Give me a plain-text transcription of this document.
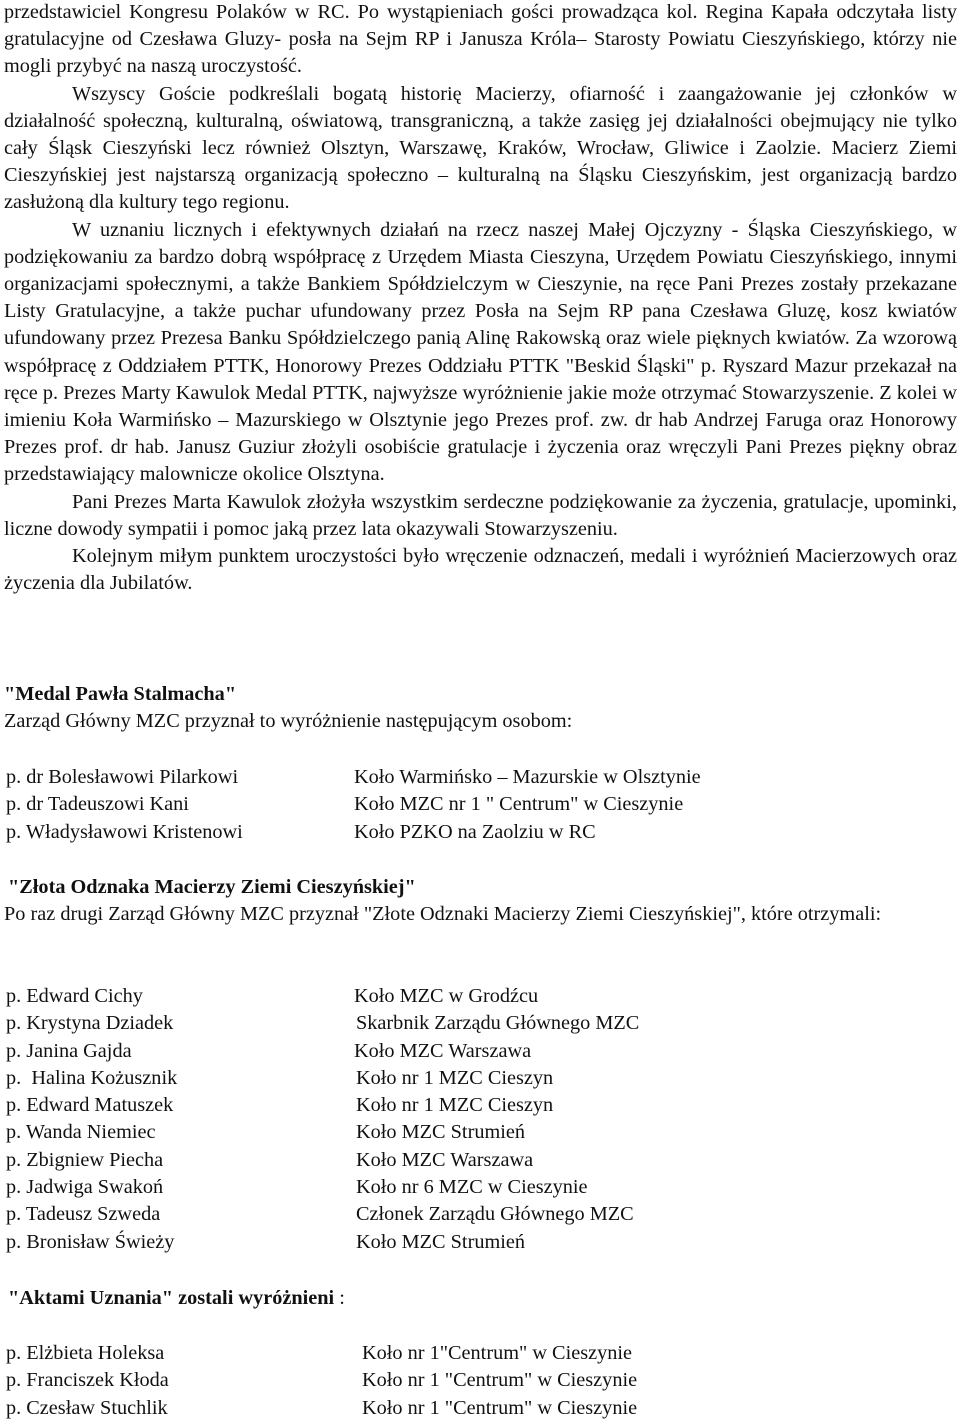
przedstawiciel Kongresu Polaków w RC. Po wystąpieniach gości prowadząca kol. Regina Kapała odczytała listy gratulacyjne od Czesława Gluzy- posła na Sejm RP i Janusza Króla– Starosty Powiatu Cieszyńskiego, którzy nie mogli przybyć na naszą uroczystość.

Wszyscy Goście podkreślali bogatą historię Macierzy, ofiarność i zaangażowanie jej członków w działalność społeczną, kulturalną, oświatową, transgraniczną, a także zasięg jej działalności obejmujący nie tylko cały Śląsk Cieszyński lecz również Olsztyn, Warszawę, Kraków, Wrocław, Gliwice i Zaolzie. Macierz Ziemi Cieszyńskiej jest najstarszą organizacją społeczno – kulturalną na Śląsku Cieszyńskim, jest organizacją bardzo zasłużoną dla kultury tego regionu.

W uznaniu licznych i efektywnych działań na rzecz naszej Małej Ojczyzny - Śląska Cieszyńskiego, w podziękowaniu za bardzo dobrą współpracę z Urzędem Miasta Cieszyna, Urzędem Powiatu Cieszyńskiego, innymi organizacjami społecznymi, a także Bankiem Spółdzielczym w Cieszynie, na ręce Pani Prezes zostały przekazane Listy Gratulacyjne, a także puchar ufundowany przez Posła na Sejm RP pana Czesława Gluzę, kosz kwiatów ufundowany przez Prezesa Banku Spółdzielczego panią Alinę Rakowską oraz wiele pięknych kwiatów. Za wzorową współpracę z Oddziałem PTTK, Honorowy Prezes Oddziału PTTK "Beskid Śląski" p. Ryszard Mazur przekazał na ręce p. Prezes Marty Kawulok Medal PTTK, najwyższe wyróżnienie jakie może otrzymać Stowarzyszenie. Z kolei w imieniu Koła Warmińsko – Mazurskiego w Olsztynie jego Prezes prof. zw. dr hab Andrzej Faruga oraz Honorowy Prezes prof. dr hab. Janusz Guziur złożyli osobiście gratulacje i życzenia oraz wręczyli Pani Prezes piękny obraz przedstawiający malownicze okolice Olsztyna.

Pani Prezes Marta Kawulok złożyła wszystkim serdeczne podziękowanie za życzenia, gratulacje, upominki, liczne dowody sympatii i pomoc jaką przez lata okazywali Stowarzyszeniu.

Kolejnym miłym punktem uroczystości było wręczenie odznaczeń, medali i wyróżnień Macierzowych oraz życzenia dla Jubilatów.

"Medal Pawła Stalmacha"
Zarząd Główny MZC przyznał to wyróżnienie następującym osobom:
p. dr Bolesławowi Pilarkowi	Koło Warmińsko – Mazurskie w Olsztynie
p. dr Tadeuszowi Kani	Koło MZC nr 1 " Centrum" w Cieszynie
p. Władysławowi Kristenowi	Koło PZKO na Zaolziu w RC
"Złota Odznaka Macierzy Ziemi Cieszyńskiej"
Po raz drugi Zarząd Główny MZC przyznał "Złote Odznaki Macierzy Ziemi Cieszyńskiej", które otrzymali:
p. Edward Cichy	Koło MZC w Grodźcu
p. Krystyna Dziadek	Skarbnik Zarządu Głównego MZC
p. Janina Gajda	Koło MZC Warszawa
p.  Halina Kożusznik	Koło nr 1 MZC Cieszyn
p. Edward Matuszek	Koło nr 1 MZC Cieszyn
p. Wanda Niemiec	Koło MZC Strumień
p. Zbigniew Piecha	Koło MZC Warszawa
p. Jadwiga Swakoń	Koło nr 6 MZC w Cieszynie
p. Tadeusz Szweda	Członek Zarządu Głównego MZC
p. Bronisław Świeży	Koło MZC Strumień
"Aktami Uznania" zostali wyróżnieni :
p. Elżbieta Holeksa	Koło nr 1"Centrum" w Cieszynie
p. Franciszek Kłoda	Koło nr 1 "Centrum" w Cieszynie
p. Czesław Stuchlik	Koło nr 1 "Centrum" w Cieszynie
